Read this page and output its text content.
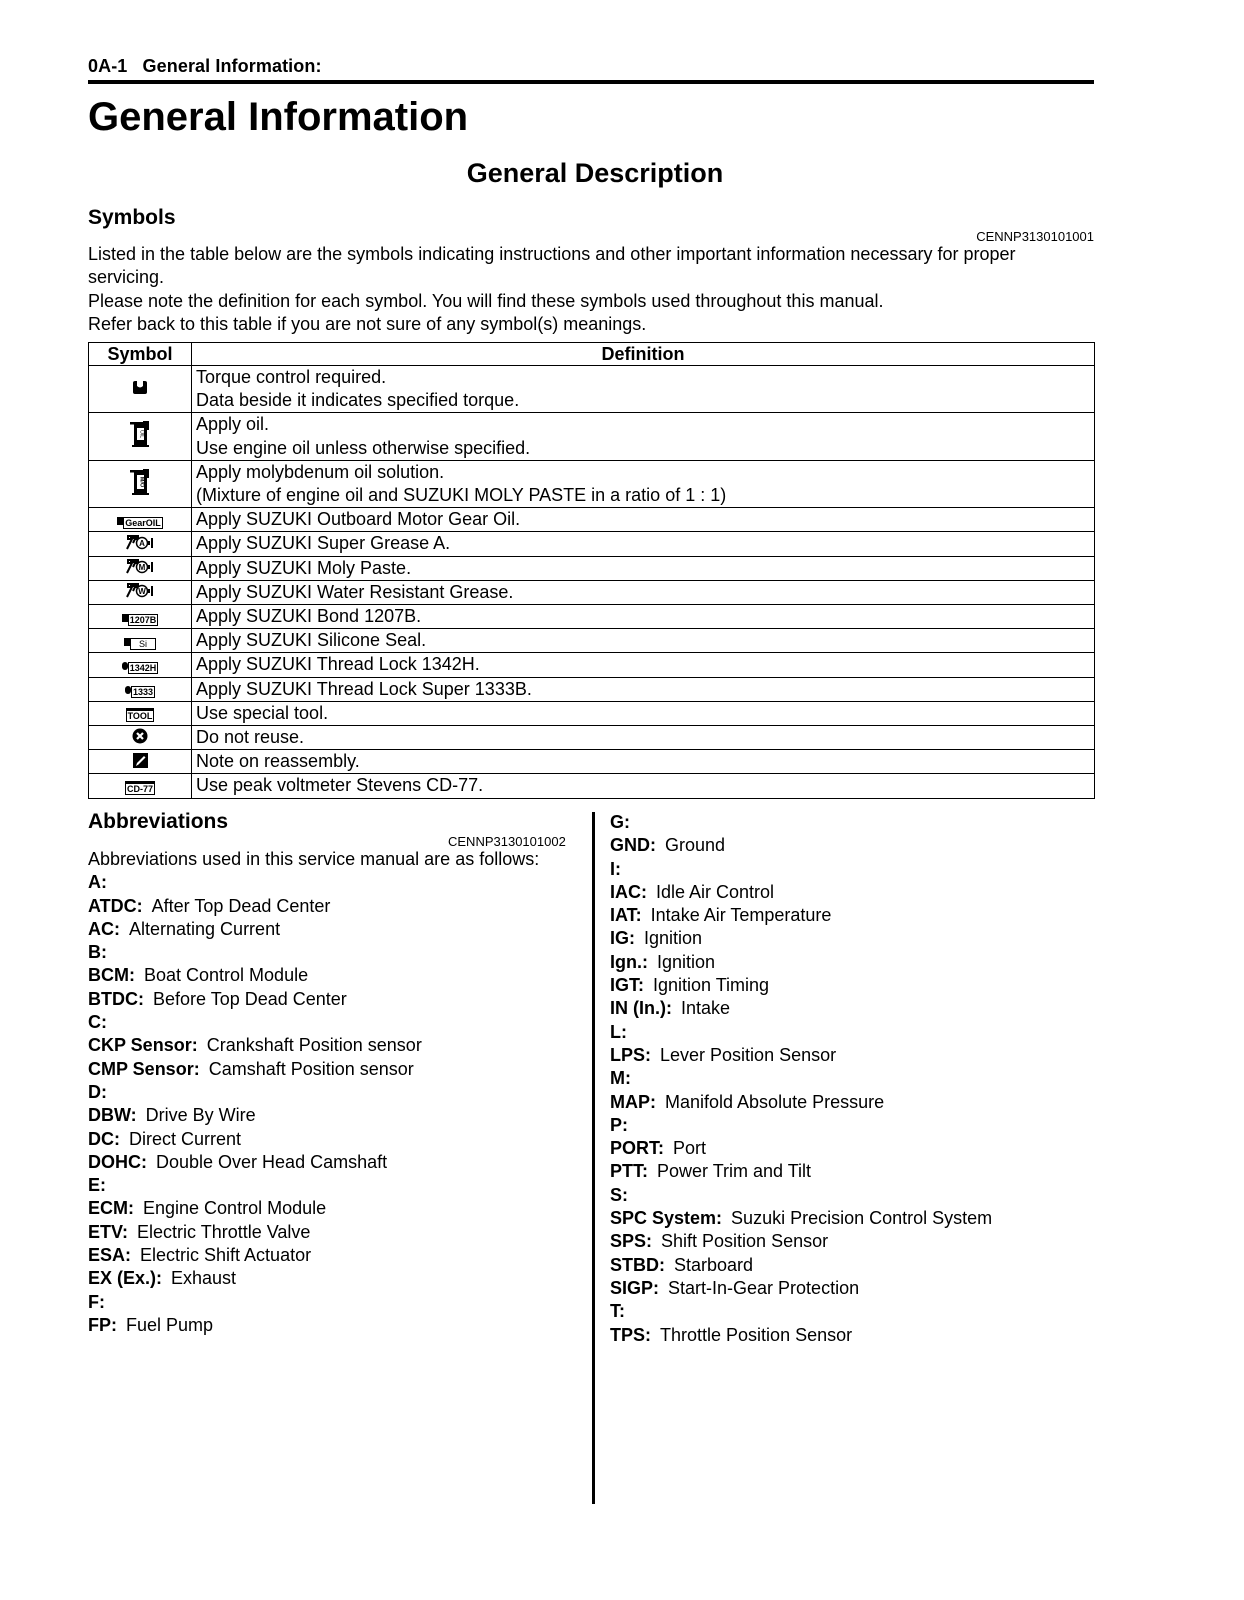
0A-1 General Information:
General Information
General Description
Symbols
CENNP3130101001

Listed in the table below are the symbols indicating instructions and other important information necessary for proper servicing.

Please note the definition for each symbol. You will find these symbols used throughout this manual.

Refer back to this table if you are not sure of any symbol(s) meanings.

Symbol	Definition

Torque control required.
Data beside it indicates specified torque.

OIL	Apply oil.
Use engine oil unless otherwise specified.

M/O	Apply molybdenum oil solution.
(Mixture of engine oil and SUZUKI MOLY PASTE in a ratio of 1 : 1)

GearOIL	Apply SUZUKI Outboard Motor Gear Oil.

A	Apply SUZUKI Super Grease A.

M	Apply SUZUKI Moly Paste.

W	Apply SUZUKI Water Resistant Grease.

1207B	Apply SUZUKI Bond 1207B.

Si	Apply SUZUKI Silicone Seal.

1342H	Apply SUZUKI Thread Lock 1342H.

1333	Apply SUZUKI Thread Lock Super 1333B.

TOOL	Use special tool.

Do not reuse.

Note on reassembly.

CD-77	Use peak voltmeter Stevens CD-77.
Abbreviations
CENNP3130101002
Abbreviations used in this service manual are as follows:
A:
ATDC: After Top Dead Center
AC: Alternating Current
B:
BCM: Boat Control Module
BTDC: Before Top Dead Center
C:
CKP Sensor: Crankshaft Position sensor
CMP Sensor: Camshaft Position sensor
D:
DBW: Drive By Wire
DC: Direct Current
DOHC: Double Over Head Camshaft
E:
ECM: Engine Control Module
ETV: Electric Throttle Valve
ESA: Electric Shift Actuator
EX (Ex.): Exhaust
F:
FP: Fuel Pump
G:
GND: Ground
I:
IAC: Idle Air Control
IAT: Intake Air Temperature
IG: Ignition
Ign.: Ignition
IGT: Ignition Timing
IN (In.): Intake
L:
LPS: Lever Position Sensor
M:
MAP: Manifold Absolute Pressure
P:
PORT: Port
PTT: Power Trim and Tilt
S:
SPC System: Suzuki Precision Control System
SPS: Shift Position Sensor
STBD: Starboard
SIGP: Start-In-Gear Protection
T:
TPS: Throttle Position Sensor
